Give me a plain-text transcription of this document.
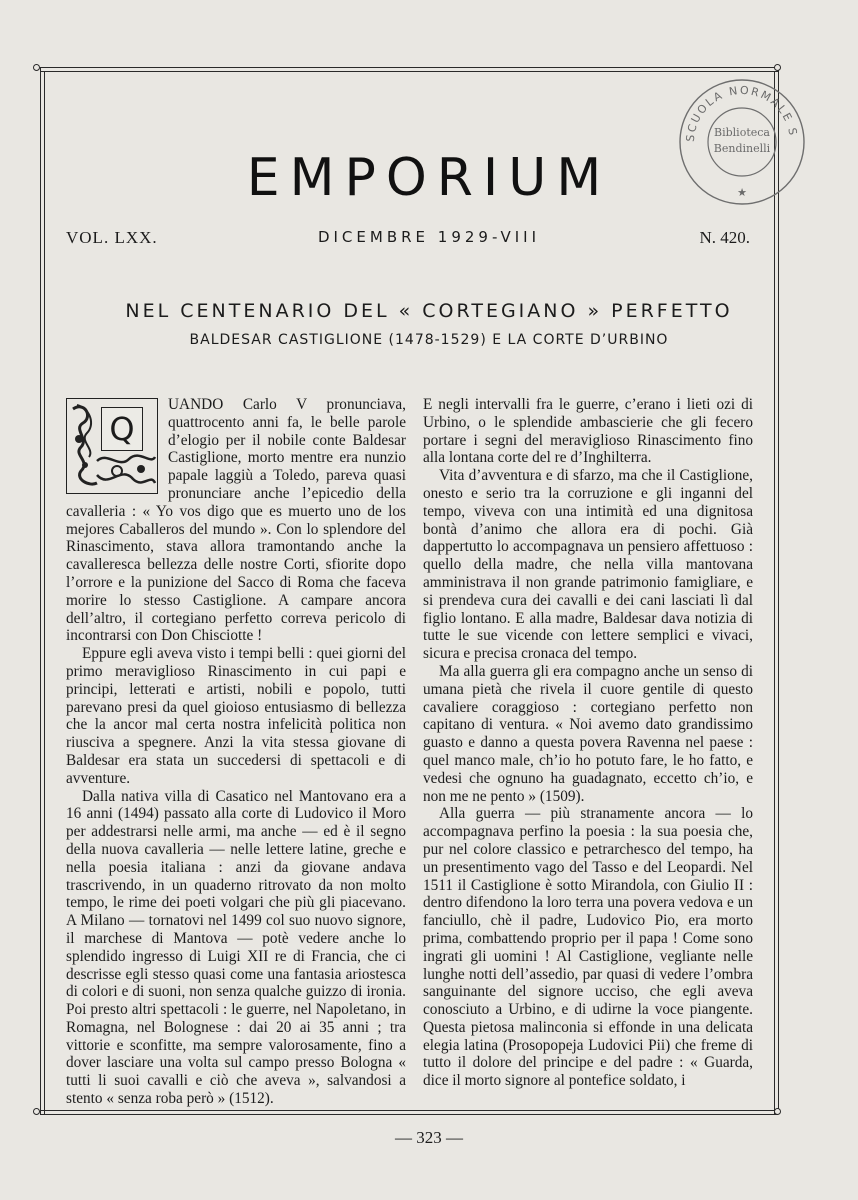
SCUOLA NORMALE S
Biblioteca
Bendinelli
★
EMPORIUM
VOL. LXX.	DICEMBRE 1929-VIII	N. 420.
NEL CENTENARIO DEL « CORTEGIANO » PERFETTO
BALDESAR CASTIGLIONE (1478-1529) E LA CORTE D’URBINO
Q

UANDO Carlo V pronunciava, quattrocento anni fa, le belle parole d’elogio per il nobile conte Baldesar Castiglione, morto mentre era nunzio papale laggiù a Toledo, pareva quasi pronunciare anche l’epicedio della cavalleria : « Yo vos digo que es muerto uno de los mejores Caballeros del mundo ». Con lo splendore del Rinascimento, stava allora tramontando anche la cavalleresca bellezza delle nostre Corti, sfiorite dopo l’orrore e la punizione del Sacco di Roma che faceva morire lo stesso Castiglione. A campare ancora dell’altro, il cortegiano perfetto correva pericolo di incontrarsi con Don Chisciotte !

Eppure egli aveva visto i tempi belli : quei giorni del primo meraviglioso Rinascimento in cui papi e principi, letterati e artisti, nobili e popolo, tutti parevano presi da quel gioioso entusiasmo di bellezza che la ancor mal certa nostra infelicità politica non riusciva a spegnere. Anzi la vita stessa giovane di Baldesar era stata un succedersi di spettacoli e di avventure.

Dalla nativa villa di Casatico nel Mantovano era a 16 anni (1494) passato alla corte di Ludovico il Moro per addestrarsi nelle armi, ma anche — ed è il segno della nuova cavalleria — nelle lettere latine, greche e nella poesia italiana : anzi da giovane andava trascrivendo, in un quaderno ritrovato da non molto tempo, le rime dei poeti volgari che più gli piacevano. A Milano — tornatovi nel 1499 col suo nuovo signore, il marchese di Mantova — potè vedere anche lo splendido ingresso di Luigi XII re di Francia, che ci descrisse egli stesso quasi come una fantasia ariostesca di colori e di suoni, non senza qualche guizzo di ironia. Poi presto altri spettacoli : le guerre, nel Napoletano, in Romagna, nel Bolognese : dai 20 ai 35 anni ; tra vittorie e sconfitte, ma sempre valorosamente, fino a dover lasciare una volta sul campo presso Bologna « tutti li suoi cavalli e ciò che aveva », salvandosi a stento « senza roba però » (1512).

E negli intervalli fra le guerre, c’erano i lieti ozi di Urbino, o le splendide ambascierie che gli fecero portare i segni del meraviglioso Rinascimento fino alla lontana corte del re d’Inghilterra.

Vita d’avventura e di sfarzo, ma che il Castiglione, onesto e serio tra la corruzione e gli inganni del tempo, viveva con una intimità ed una dignitosa bontà d’animo che allora era di pochi. Già dappertutto lo accompagnava un pensiero affettuoso : quello della madre, che nella villa mantovana amministrava il non grande patrimonio famigliare, e si prendeva cura dei cavalli e dei cani lasciati lì dal figlio lontano. E alla madre, Baldesar dava notizia di tutte le sue vicende con lettere semplici e vivaci, sicura e precisa cronaca del tempo.

Ma alla guerra gli era compagno anche un senso di umana pietà che rivela il cuore gentile di questo cavaliere coraggioso : cortegiano perfetto non capitano di ventura. « Noi avemo dato grandissimo guasto e danno a questa povera Ravenna nel paese : quel manco male, ch’io ho potuto fare, le ho fatto, e vedesi che ognuno ha guadagnato, eccetto ch’io, e non me ne pento » (1509).

Alla guerra — più stranamente ancora — lo accompagnava perfino la poesia : la sua poesia che, pur nel colore classico e petrarchesco del tempo, ha un presentimento vago del Tasso e del Leopardi. Nel 1511 il Castiglione è sotto Mirandola, con Giulio II : dentro difendono la loro terra una povera vedova e un fanciullo, chè il padre, Ludovico Pio, era morto prima, combattendo proprio per il papa ! Come sono ingrati gli uomini ! Al Castiglione, vegliante nelle lunghe notti dell’assedio, par quasi di vedere l’ombra sanguinante del signore ucciso, che egli aveva conosciuto a Urbino, e di udirne la voce piangente. Questa pietosa malinconia si effonde in una delicata elegia latina (Prosopopeja Ludovici Pii) che freme di tutto il dolore del principe e del padre : « Guarda, dice il morto signore al pontefice soldato, i

— 323 —
